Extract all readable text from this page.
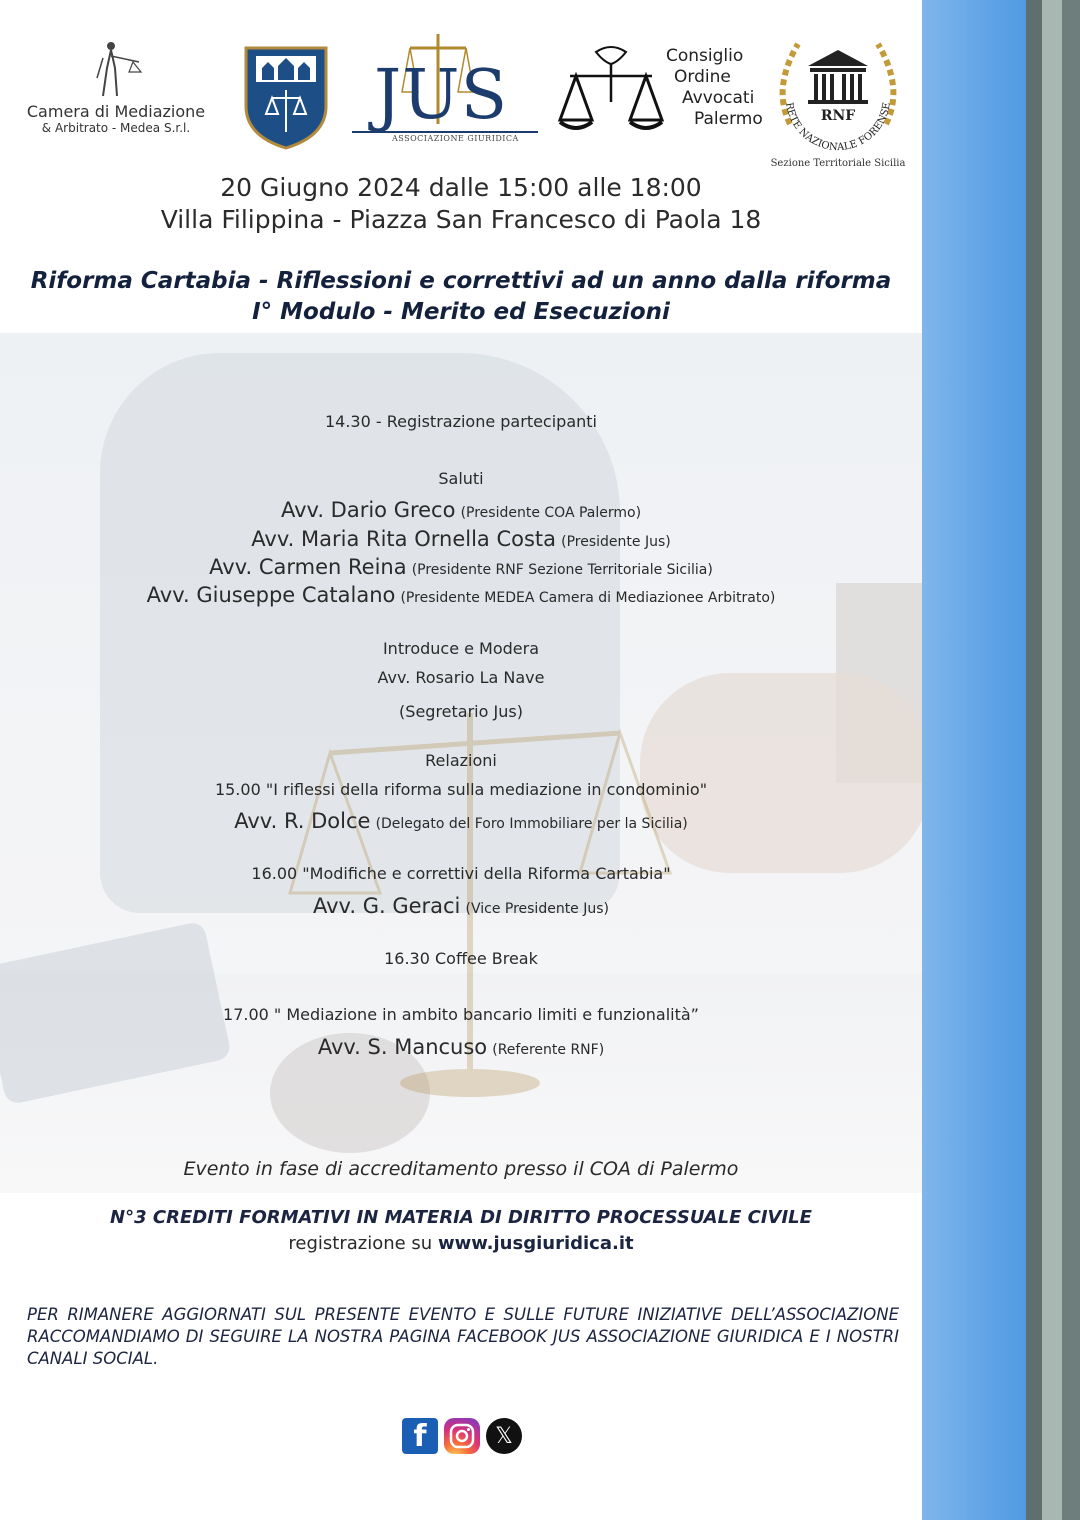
Camera di Mediazione
& Arbitrato - Medea S.r.l.	JUS
ASSOCIAZIONE GIURIDICA
Consiglio
Ordine
Avvocati
Palermo	RNF
RETE NAZIONALE FORENSE
Sezione Territoriale Sicilia
20 Giugno 2024 dalle 15:00 alle 18:00
Villa Filippina - Piazza San Francesco di Paola 18
Riforma Cartabia - Riflessioni e correttivi ad un anno dalla riforma
I° Modulo - Merito ed Esecuzioni
14.30 - Registrazione partecipanti
Saluti
Avv. Dario Greco (Presidente COA Palermo)
Avv. Maria Rita Ornella Costa (Presidente Jus)
Avv. Carmen Reina (Presidente RNF Sezione Territoriale Sicilia)
Avv. Giuseppe Catalano (Presidente MEDEA Camera di Mediazionee Arbitrato)
Introduce e Modera
Avv. Rosario La Nave
(Segretario Jus)
Relazioni
15.00 "I riflessi della riforma sulla mediazione in condominio"
Avv. R. Dolce (Delegato del Foro Immobiliare per la Sicilia)
16.00 "Modifiche e correttivi della Riforma Cartabia"
Avv. G. Geraci (Vice Presidente Jus)
16.30 Coffee Break
17.00 " Mediazione in ambito bancario limiti e funzionalità”
Avv. S. Mancuso (Referente RNF)
Evento in fase di accreditamento presso il COA di Palermo
N°3 CREDITI FORMATIVI IN MATERIA DI DIRITTO PROCESSUALE CIVILE
registrazione su www.jusgiuridica.it
PER RIMANERE AGGIORNATI SUL PRESENTE EVENTO E SULLE FUTURE INIZIATIVE DELL’ASSOCIAZIONE RACCOMANDIAMO DI SEGUIRE LA NOSTRA PAGINA FACEBOOK JUS ASSOCIAZIONE GIURIDICA E I NOSTRI CANALI SOCIAL.
f	𝕏
